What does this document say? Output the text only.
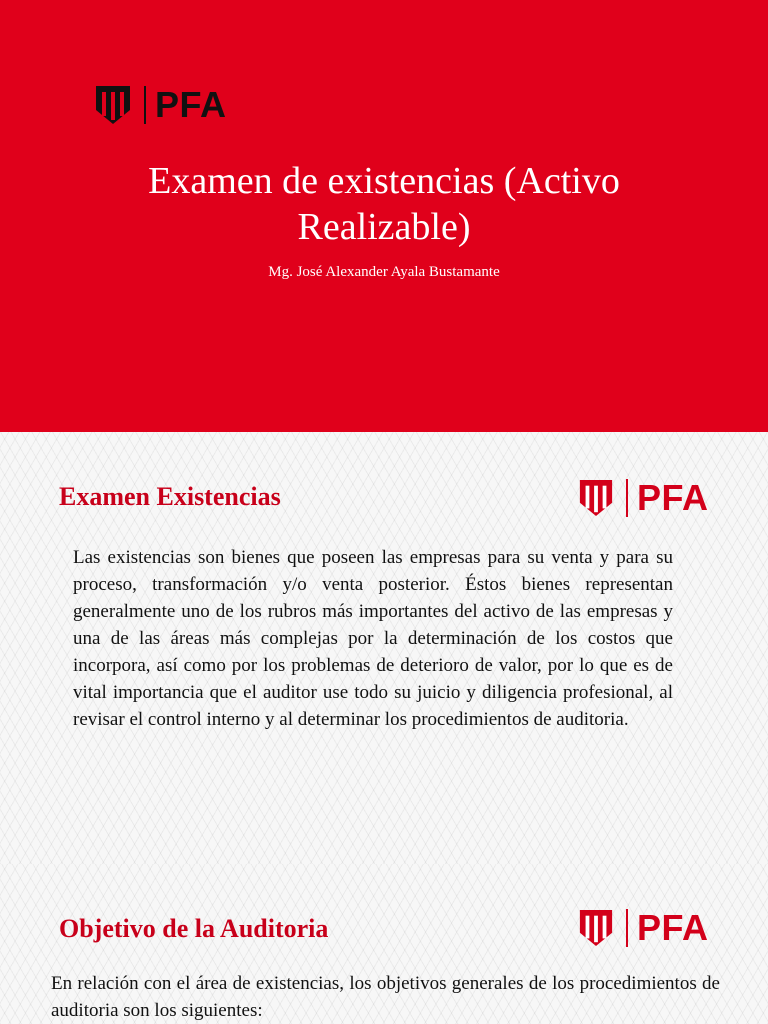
PFA
Examen de existencias (Activo Realizable)
Mg. José Alexander Ayala Bustamante
Examen Existencias	PFA

Las existencias son bienes que poseen las empresas para su venta y para su proceso, transformación y/o venta posterior. Éstos bienes representan generalmente uno de los rubros más importantes del activo de las empresas y una de las áreas más complejas por la determinación de los costos que incorpora, así como por los problemas de deterioro de valor, por lo que es de vital importancia que el auditor use todo su juicio y diligencia profesional, al revisar el control interno y al determinar los procedimientos de auditoria.

Objetivo de la Auditoria	PFA

En relación con el área de existencias, los objetivos generales de los procedimientos de auditoria son los siguientes:
